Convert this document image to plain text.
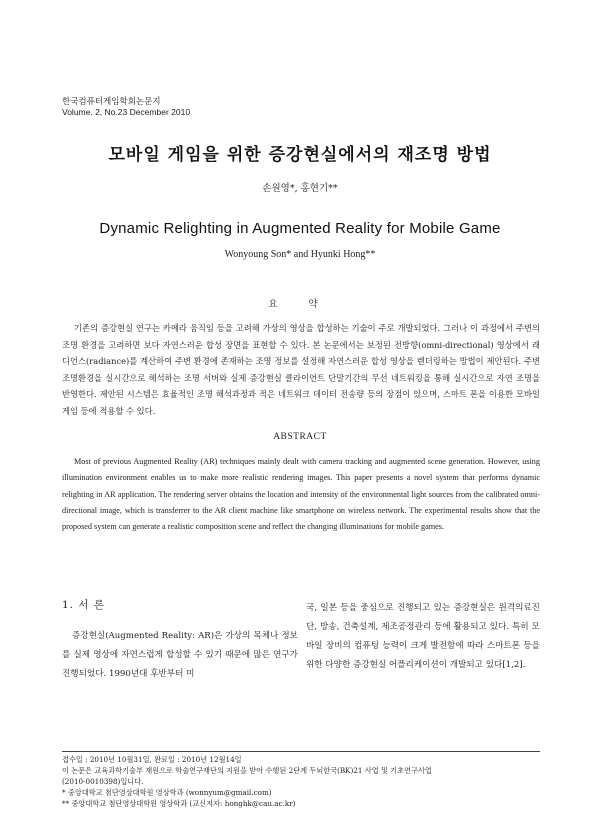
한국컴퓨터게임학회논문지
Volume. 2, No.23 December 2010
모바일 게임을 위한 증강현실에서의 재조명 방법
손원영*, 홍현기**
Dynamic Relighting in Augmented Reality for Mobile Game
Wonyoung Son* and Hyunki Hong**
요 약

기존의 증강현실 연구는 카메라 움직임 등을 고려해 가상의 영상을 합성하는 기술이 주로 개발되었다. 그러나 이 과정에서 주변의 조명 환경을 고려하면 보다 자연스러운 합성 장면을 표현할 수 있다. 본 논문에서는 보정된 전방향(omni-directional) 영상에서 래디언스(radiance)를 계산하여 주변 환경에 존재하는 조명 정보를 설정해 자연스러운 합성 영상을 렌더링하는 방법이 제안된다. 주변 조명환경을 실시간으로 해석하는 조명 서버와 실제 증강현실 클라이언트 단말기간의 무선 네트워킹을 통해 실시간으로 자연 조명을 반영한다. 제안된 시스템은 효율적인 조명 해석과정과 적은 네트워크 데이터 전송량 등의 장점이 있으며, 스마트 폰을 이용한 모바일 게임 등에 적용할 수 있다.

ABSTRACT

Most of previous Augmented Reality (AR) techniques mainly dealt with camera tracking and augmented scene generation. However, using illumination environment enables us to make more realistic rendering images. This paper presents a novel system that performs dynamic relighting in AR application. The rendering server obtains the location and intensity of the environmental light sources from the calibrated omni-directional image, which is transferrer to the AR client machine like smartphone on wireless network. The experimental results show that the proposed system can generate a realistic composition scene and reflect the changing illuminations for mobile games.

1. 서 론

증강현실(Augmented Reality: AR)은 가상의 목체나 정보를 실제 영상에 자연스럽게 합성할 수 있기 때문에 많은 연구가 진행되었다. 1990년대 후반부터 미

국, 일본 등을 중심으로 진행되고 있는 증강현실은 원격의료진단, 방송, 건축설계, 제조공정관리 등에 활용되고 있다. 특히 모바일 장비의 컴퓨팅 능력이 크게 발전함에 따라 스마트폰 등을 위한 다양한 증강현실 어플리케이션이 개발되고 있다[1,2].

접수일 : 2010년 10월31일, 완료일 : 2010년 12월14일
이 논문은 교육과학기술부 재원으로 학술연구재단의 지원을 받아 수행된 2단계 두뇌한국(BK)21 사업 및 기초연구사업
(2010-0010398)입니다.
* 중앙대학교 첨단영상대학원 영상학과 (wonnyum@gmail.com)
** 중앙대학교 첨단영상대학원 영상학과 (교신저자: honghk@cau.ac.kr)
